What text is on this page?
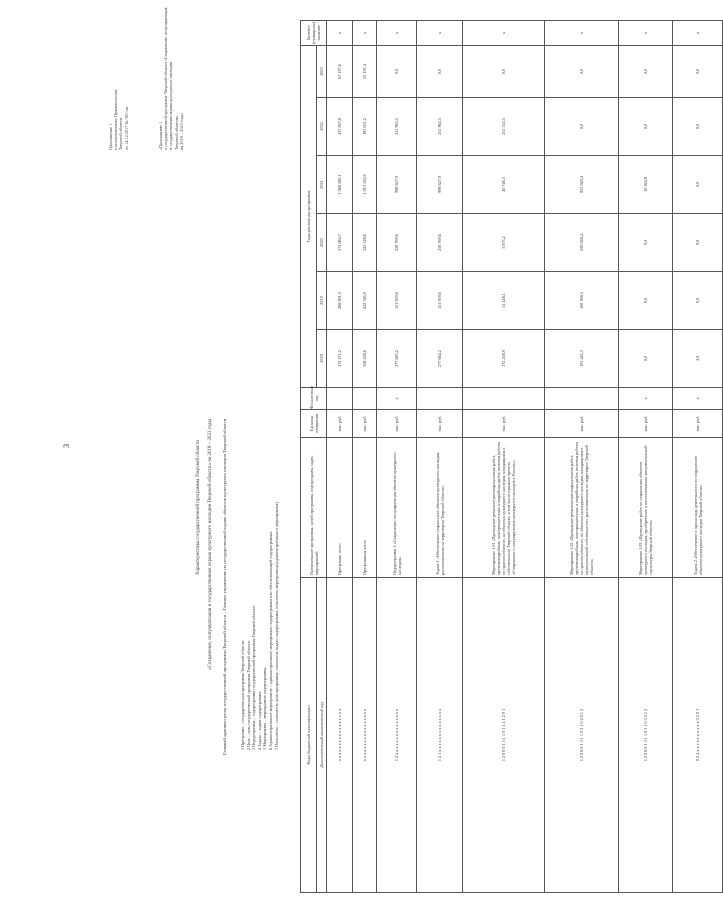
3
Приложение 1 к постановлению Правительства Тверской области от 14.12.2017 № 391-пп	«Приложение 1 к государственной программе Тверской области «Сохранение, популяризация и государственная охрана культурного наследия Тверской области» на 2018 – 2023 годы
Характеристика государственной программы Тверской области «Сохранение, популяризация и государственная охрана культурного наследия Тверской области» на 2018 – 2023 годы Главный администратор государственной программы Тверской области – Главное управление по государственной охране объектов культурного наследия Тверской области	1 Программа – государственная программа Тверской области. 2 Цель – цель государственной программы Тверской области. 3 Подпрограмма – подпрограмма государственной программы Тверской области. 4 Задача – задача подпрограммы. 5 Мероприятие – мероприятие подпрограммы. 6 Административное мероприятие – административное мероприятие подпрограммы или обеспечивающей подпрограммы. 7 Показатель – показатель цели программы, показатель задачи подпрограммы, показатель мероприятия (административного мероприятия).	Коды бюджетной классификации	Наименование программы, целей программы, подпрограмм, задач, мероприятий	Единица измерения	Финансовый год	Годы реализации программы						Целевое (суммарное) значение
Дополнительный аналитический код				2018	2019	2020	2021	2022	2023	
х х х х х х х х х х х х х х х х х	Программа, всего	тыс. руб.		372 271,2	268 901,3	371 884,7	1 068 580,1	237 827,8	67 197,6	х
х х х х х х х х х х х х х х х х х	Программная часть	тыс. руб.		358 228,6	222 346,0	325 528,6	1 013 102,9	181 631,2	35 191,4	х
1 2 х х х х х х х х х х х х х х х	Подпрограмма 1 «Сохранение, популяризация объектов культурного наследия»	тыс. руб.	х	277 683,2	151 959,6	258 769,6	998 627,9	251 963,5	0,0	х
1 2 1 х х х х х х х х х х х х х х	Задача 1 «Обеспечение сохранности объектов культурного наследия, расположенных на территории Тверской области»	тыс. руб.		277 684,2	151 959,6	258 769,6	998 627,9	251 962,5	0,0	х
1 2 0 8 0 1 5 1 1 0 1 1 4 1 2 0 1	Мероприятие 1.01 «Проведение ремонтно-реставрационных работ, противоаварийных, консервационных и аварийных работ, включая работы по приспособлению, на объектах культурного наследия, находящихся в собственности Тверской области, в том числе в рамках проекта «Сохранение и популяризация культурного наследия в России»»	тыс. руб.		172 238,9	51 448,1	5 873,2	40 746,5	251 552,5	0,0	х
1 2 0 8 0 1 5 1 1 0 2 1 0 2 0 1 2	Мероприятие 1.02 «Проведение ремонтно-реставрационных работ, противоаварийных, консервационных и аварийных работ, включая работы по приспособлению, на объектах культурного наследия, находящихся в муниципальной собственности, расположенных на территории Тверской области»	тыс. руб.		101 445,3	100 368,3	250 028,4	955 949,4	0,0	0,0	х
1 2 0 8 0 1 5 1 1 0 3 1 0 3 0 1 2	Мероприятие 1.03 «Проведение работ по сохранению объектов культурного наследия, приобретение и восстановление монументальной скульптуры Тверской области»	тыс. руб.	х	0,0	0,0	0,0	10 564,8	0,0	0,0	х
0 2 4 х х х х х х х х х х 0 2 0 1	Задача 2 «Обеспечение и пропаганда деятельности по сохранению объектов культурного наследия Тверской области»	тыс. руб.	х	4,0	0,0	9,0	0,0	0,0	0,0	х
